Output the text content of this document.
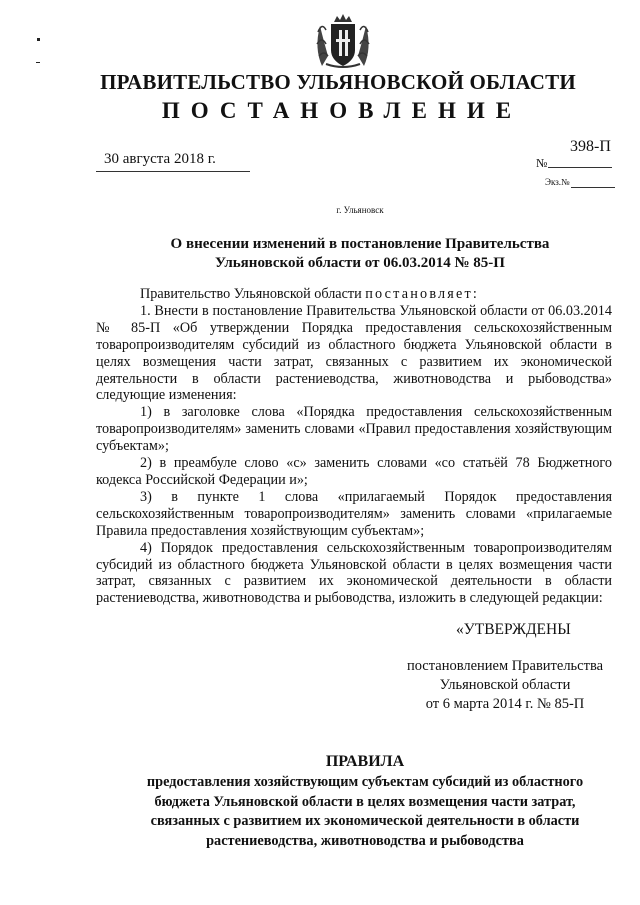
ПРАВИТЕЛЬСТВО УЛЬЯНОВСКОЙ ОБЛАСТИ
ПОСТАНОВЛЕНИЕ
30 августа 2018 г.
398-П
№
Экз.№
г. Ульяновск
О внесении изменений в постановление Правительства
Ульяновской области от 06.03.2014 № 85-П

Правительство Ульяновской области постановляет:

1. Внести в постановление Правительства Ульяновской области от 06.03.2014 № 85-П «Об утверждении Порядка предоставления сельскохозяйственным товаропроизводителям субсидий из областного бюджета Ульяновской области в целях возмещения части затрат, связанных с развитием их экономической деятельности в области растениеводства, животноводства и рыбоводства» следующие изменения:

1) в заголовке слова «Порядка предоставления сельскохозяйственным товаропроизводителям» заменить словами «Правил предоставления хозяйствующим субъектам»;

2) в преамбуле слово «с» заменить словами «со статьёй 78 Бюджетного кодекса Российской Федерации и»;

3) в пункте 1 слова «прилагаемый Порядок предоставления сельскохозяйственным товаропроизводителям» заменить словами «прилагаемые Правила предоставления хозяйствующим субъектам»;

4) Порядок предоставления сельскохозяйственным товаропроизводителям субсидий из областного бюджета Ульяновской области в целях возмещения части затрат, связанных с развитием их экономической деятельности в области растениеводства, животноводства и рыбоводства, изложить в следующей редакции:

«УТВЕРЖДЕНЫ
постановлением Правительства
Ульяновской области
от 6 марта 2014 г. № 85-П
ПРАВИЛА
предоставления хозяйствующим субъектам субсидий из областного
бюджета Ульяновской области в целях возмещения части затрат,
связанных с развитием их экономической деятельности в области
растениеводства, животноводства и рыбоводства
